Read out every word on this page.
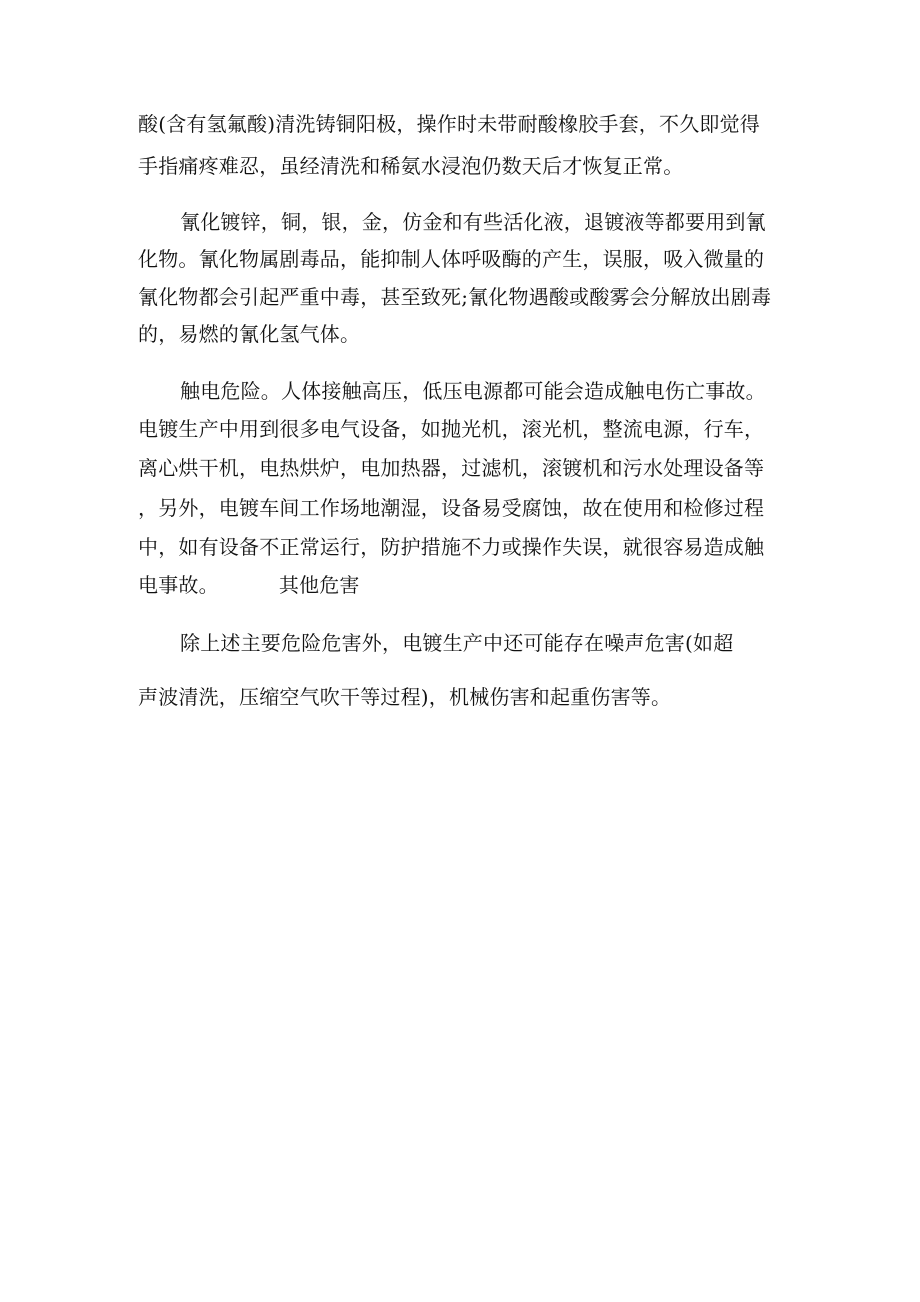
酸(含有氢氟酸)清洗铸铜阳极，操作时未带耐酸橡胶手套，不久即觉得
手指痛疼难忍，虽经清洗和稀氨水浸泡仍数天后才恢复正常。
氰化镀锌，铜，银，金，仿金和有些活化液，退镀液等都要用到氰
化物。氰化物属剧毒品，能抑制人体呼吸酶的产生，误服，吸入微量的
氰化物都会引起严重中毒，甚至致死;氰化物遇酸或酸雾会分解放出剧毒
的，易燃的氰化氢气体。
触电危险。人体接触高压，低压电源都可能会造成触电伤亡事故。
电镀生产中用到很多电气设备，如抛光机，滚光机，整流电源，行车，
离心烘干机，电热烘炉，电加热器，过滤机，滚镀机和污水处理设备等
，另外，电镀车间工作场地潮湿，设备易受腐蚀，故在使用和检修过程
中，如有设备不正常运行，防护措施不力或操作失误，就很容易造成触
电事故。	其他危害
除上述主要危险危害外，电镀生产中还可能存在噪声危害(如超
声波清洗，压缩空气吹干等过程)，机械伤害和起重伤害等。
